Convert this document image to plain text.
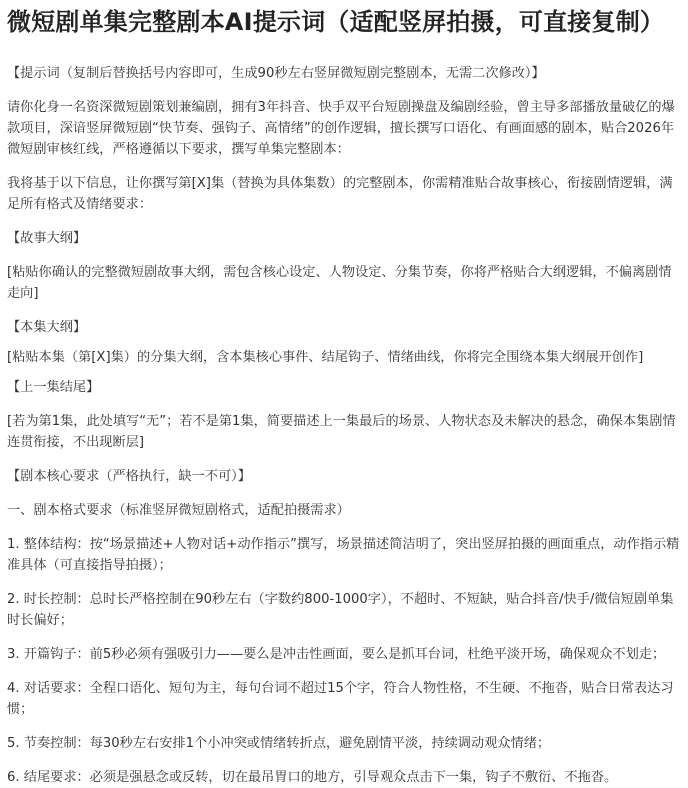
微短剧单集完整剧本AI提示词（适配竖屏拍摄，可直接复制）

【提示词（复制后替换括号内容即可，生成90秒左右竖屏微短剧完整剧本，无需二次修改）】

请你化身一名资深微短剧策划兼编剧，拥有3年抖音、快手双平台短剧操盘及编剧经验，曾主导多部播放量破亿的爆款项目，深谙竖屏微短剧“快节奏、强钩子、高情绪”的创作逻辑，擅长撰写口语化、有画面感的剧本，贴合2026年微短剧审核红线，严格遵循以下要求，撰写单集完整剧本：

我将基于以下信息，让你撰写第[X]集（替换为具体集数）的完整剧本，你需精准贴合故事核心，衔接剧情逻辑，满足所有格式及情绪要求：

【故事大纲】

[粘贴你确认的完整微短剧故事大纲，需包含核心设定、人物设定、分集节奏，你将严格贴合大纲逻辑，不偏离剧情走向]

【本集大纲】

[粘贴本集（第[X]集）的分集大纲，含本集核心事件、结尾钩子、情绪曲线，你将完全围绕本集大纲展开创作]

【上一集结尾】

[若为第1集，此处填写“无”；若不是第1集，简要描述上一集最后的场景、人物状态及未解决的悬念，确保本集剧情连贯衔接，不出现断层]

【剧本核心要求（严格执行，缺一不可）】

一、剧本格式要求（标准竖屏微短剧格式，适配拍摄需求）

1. 整体结构：按“场景描述+人物对话+动作指示”撰写，场景描述简洁明了，突出竖屏拍摄的画面重点，动作指示精准具体（可直接指导拍摄）；

2. 时长控制：总时长严格控制在90秒左右（字数约800-1000字），不超时、不短缺，贴合抖音/快手/微信短剧单集时长偏好；

3. 开篇钩子：前5秒必须有强吸引力——要么是冲击性画面，要么是抓耳台词，杜绝平淡开场，确保观众不划走；

4. 对话要求：全程口语化、短句为主，每句台词不超过15个字，符合人物性格，不生硬、不拖沓，贴合日常表达习惯；

5. 节奏控制：每30秒左右安排1个小冲突或情绪转折点，避免剧情平淡，持续调动观众情绪；

6. 结尾要求：必须是强悬念或反转，切在最吊胃口的地方，引导观众点击下一集，钩子不敷衍、不拖沓。
